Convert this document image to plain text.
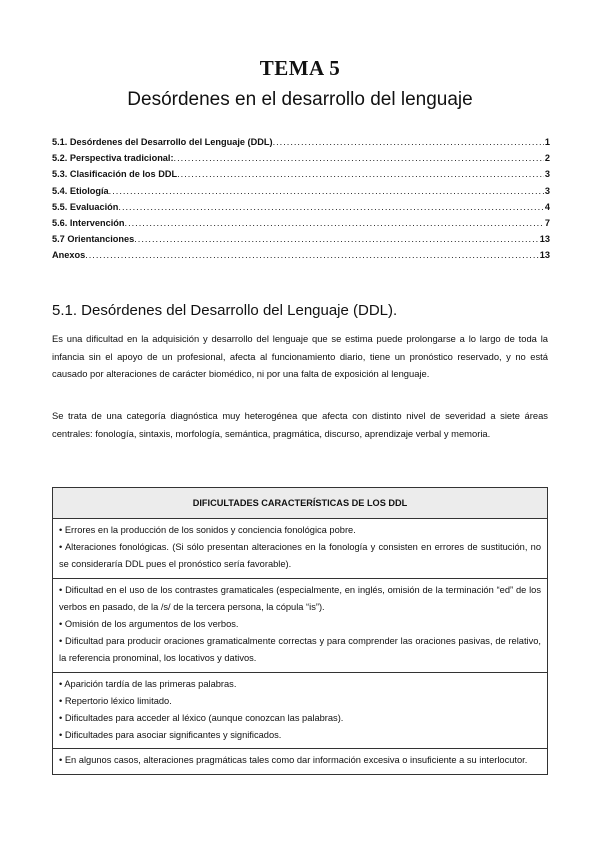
TEMA 5
Desórdenes en el desarrollo del lenguaje
5.1. Desórdenes del Desarrollo del Lenguaje (DDL) .....	1
5.2. Perspectiva tradicional: .....	2
5.3. Clasificación de los DDL .....	3
5.4. Etiología .....	3
5.5. Evaluación .....	4
5.6. Intervención .....	7
5.7 Orientanciones .....	13
Anexos .....	13
5.1. Desórdenes del Desarrollo del Lenguaje (DDL).
Es una dificultad en la adquisición y desarrollo del lenguaje que se estima puede prolongarse a lo largo de toda la infancia sin el apoyo de un profesional, afecta al funcionamiento diario, tiene un pronóstico reservado, y no está causado por alteraciones de carácter biomédico, ni por una falta de exposición al lenguaje.
Se trata de una categoría diagnóstica muy heterogénea que afecta con distinto nivel de severidad a siete áreas centrales: fonología, sintaxis, morfología, semántica, pragmática, discurso, aprendizaje verbal y memoria.
DIFICULTADES CARACTERÍSTICAS DE LOS DDL

• Errores en la producción de los sonidos y conciencia fonológica pobre.

• Alteraciones fonológicas. (Si sólo presentan alteraciones en la fonología y consisten en errores de sustitución, no se consideraría DDL pues el pronóstico sería favorable).

• Dificultad en el uso de los contrastes gramaticales (especialmente, en inglés, omisión de la terminación “ed” de los verbos en pasado, de la /s/ de la tercera persona, la cópula “is”).

• Omisión de los argumentos de los verbos.

• Dificultad para producir oraciones gramaticalmente correctas y para comprender las oraciones pasivas, de relativo, la referencia pronominal, los locativos y dativos.

• Aparición tardía de las primeras palabras.

• Repertorio léxico limitado.

• Dificultades para acceder al léxico (aunque conozcan las palabras).

• Dificultades para asociar significantes y significados.

• En algunos casos, alteraciones pragmáticas tales como dar información excesiva o insuficiente a su interlocutor.
